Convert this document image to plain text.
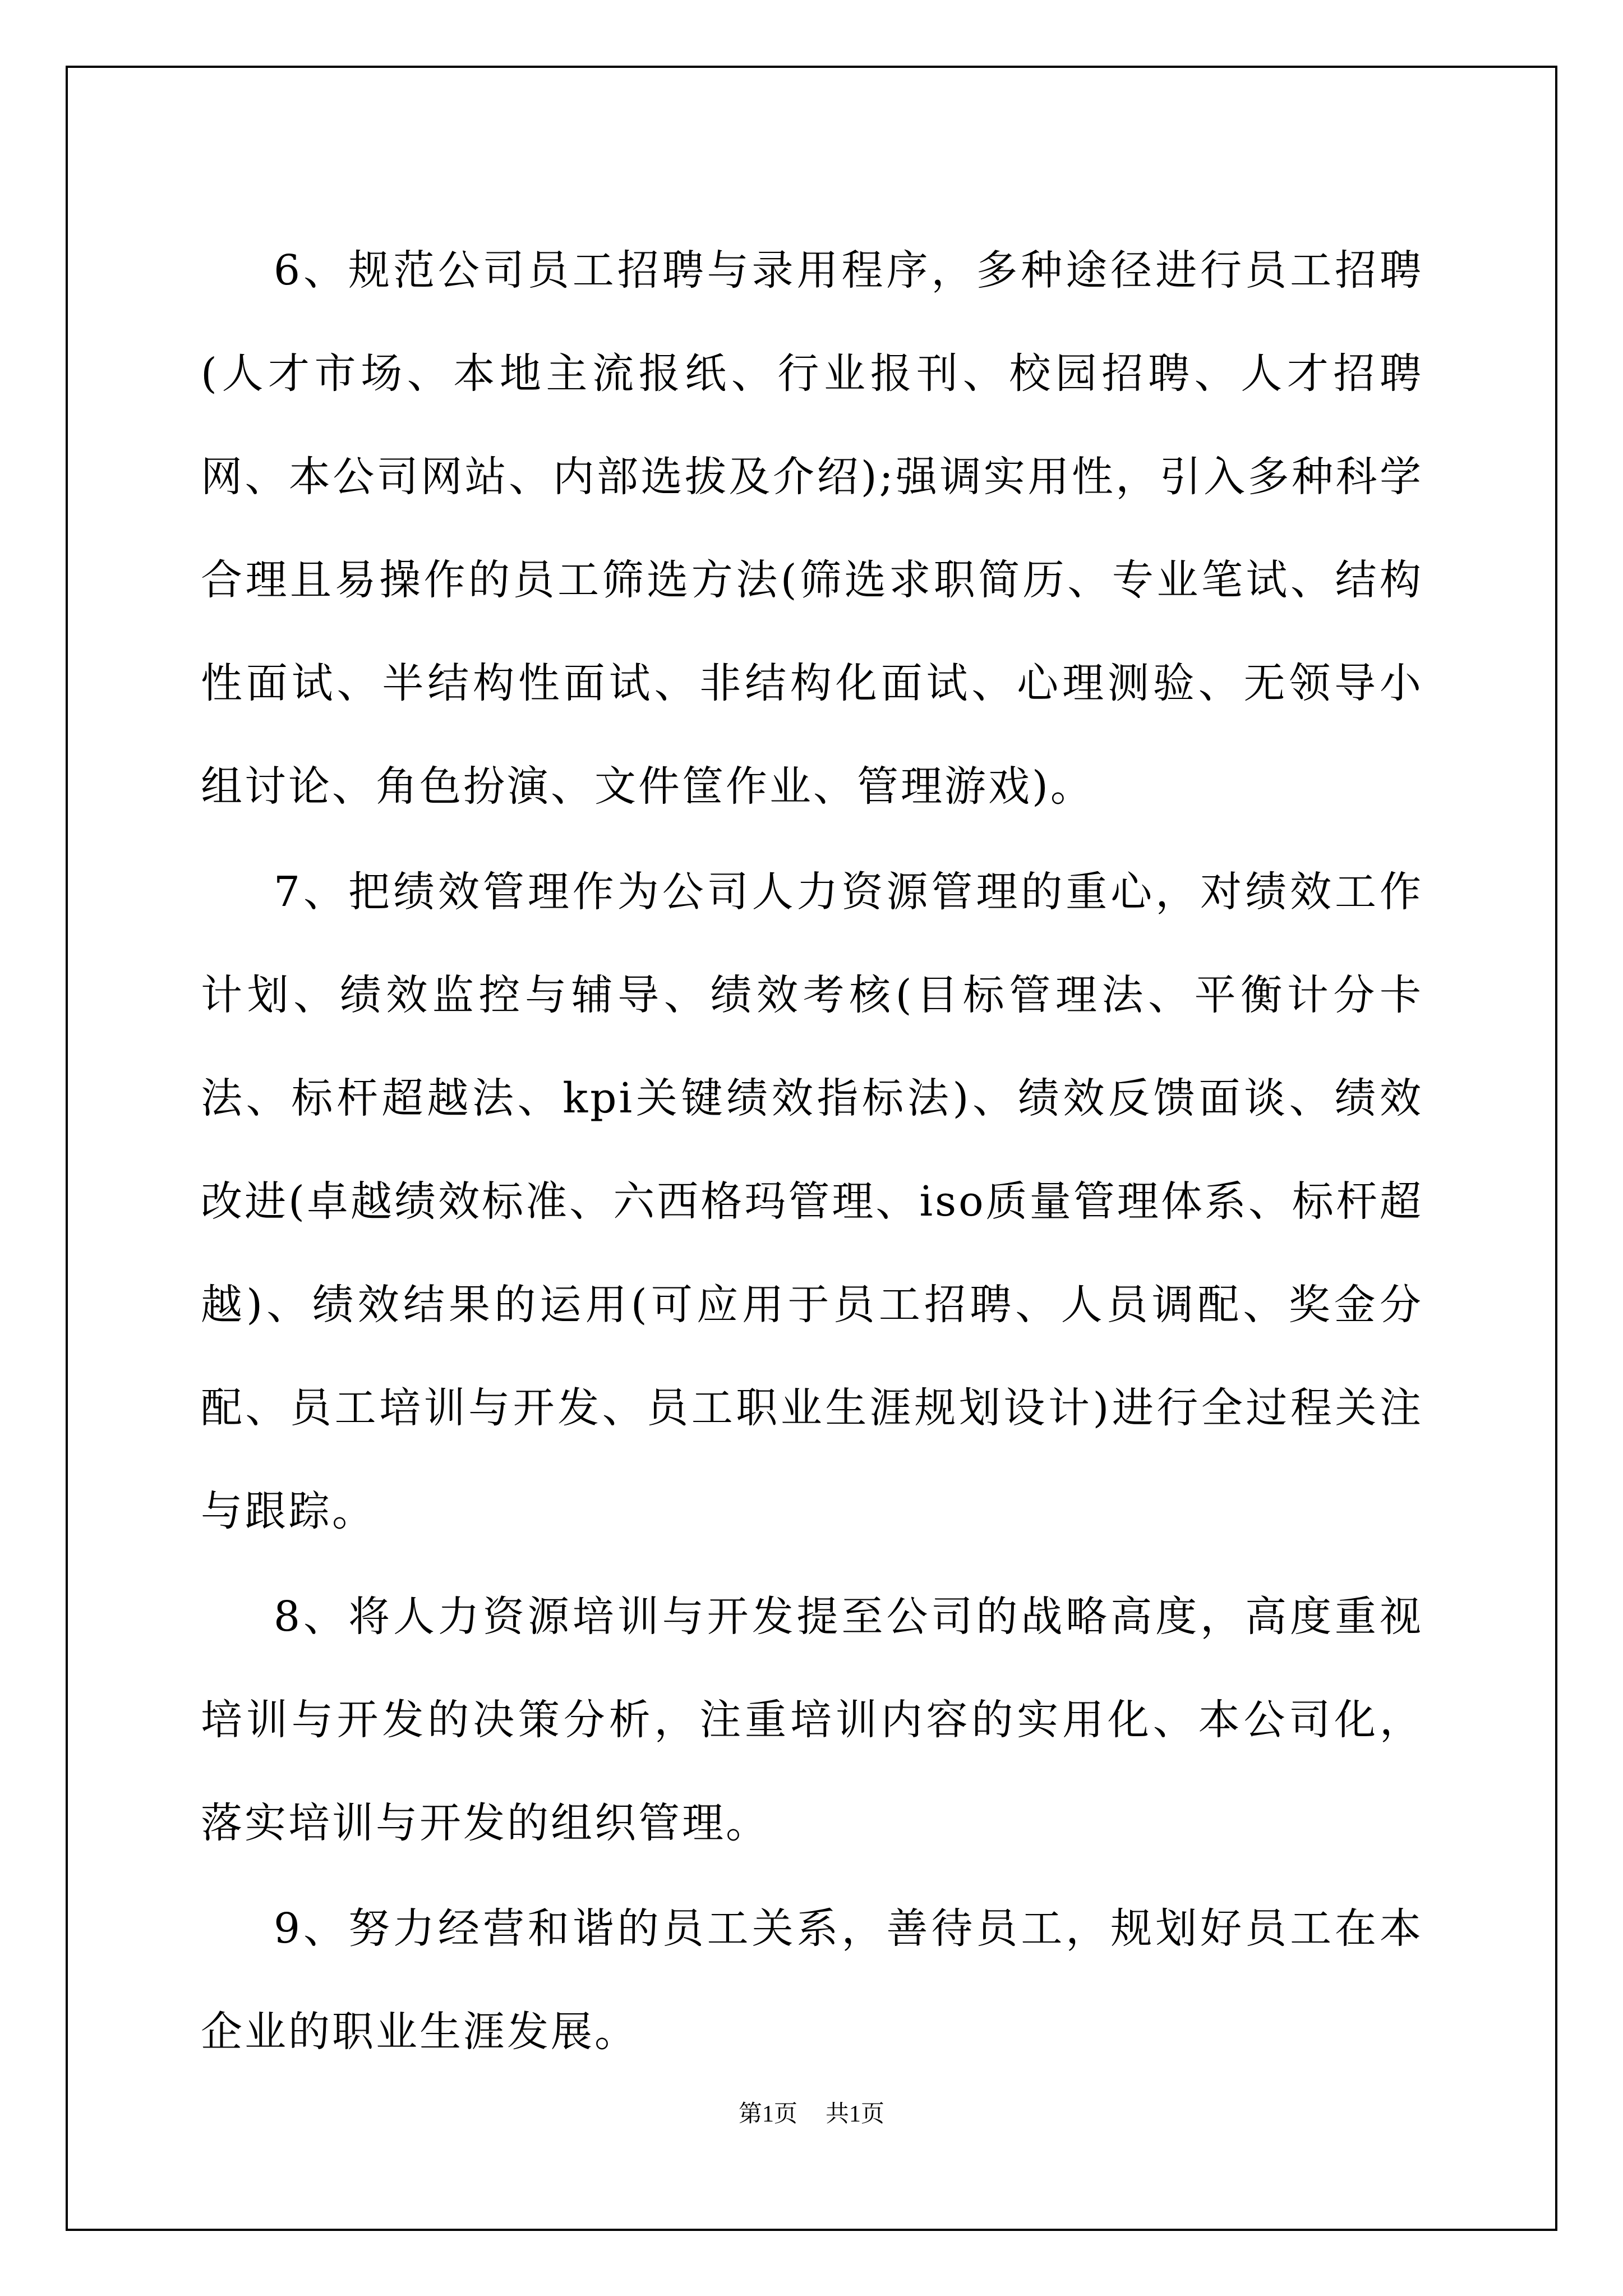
6、规范公司员工招聘与录用程序，多种途径进行员工招聘(人才市场、本地主流报纸、行业报刊、校园招聘、人才招聘网、本公司网站、内部选拔及介绍);强调实用性，引入多种科学合理且易操作的员工筛选方法(筛选求职简历、专业笔试、结构性面试、半结构性面试、非结构化面试、心理测验、无领导小组讨论、角色扮演、文件筐作业、管理游戏)。

7、把绩效管理作为公司人力资源管理的重心，对绩效工作计划、绩效监控与辅导、绩效考核(目标管理法、平衡计分卡法、标杆超越法、kpi关键绩效指标法)、绩效反馈面谈、绩效改进(卓越绩效标准、六西格玛管理、iso质量管理体系、标杆超越)、绩效结果的运用(可应用于员工招聘、人员调配、奖金分配、员工培训与开发、员工职业生涯规划设计)进行全过程关注与跟踪。

8、将人力资源培训与开发提至公司的战略高度，高度重视培训与开发的决策分析，注重培训内容的实用化、本公司化，落实培训与开发的组织管理。

9、努力经营和谐的员工关系，善待员工，规划好员工在本企业的职业生涯发展。

第1页 共1页
